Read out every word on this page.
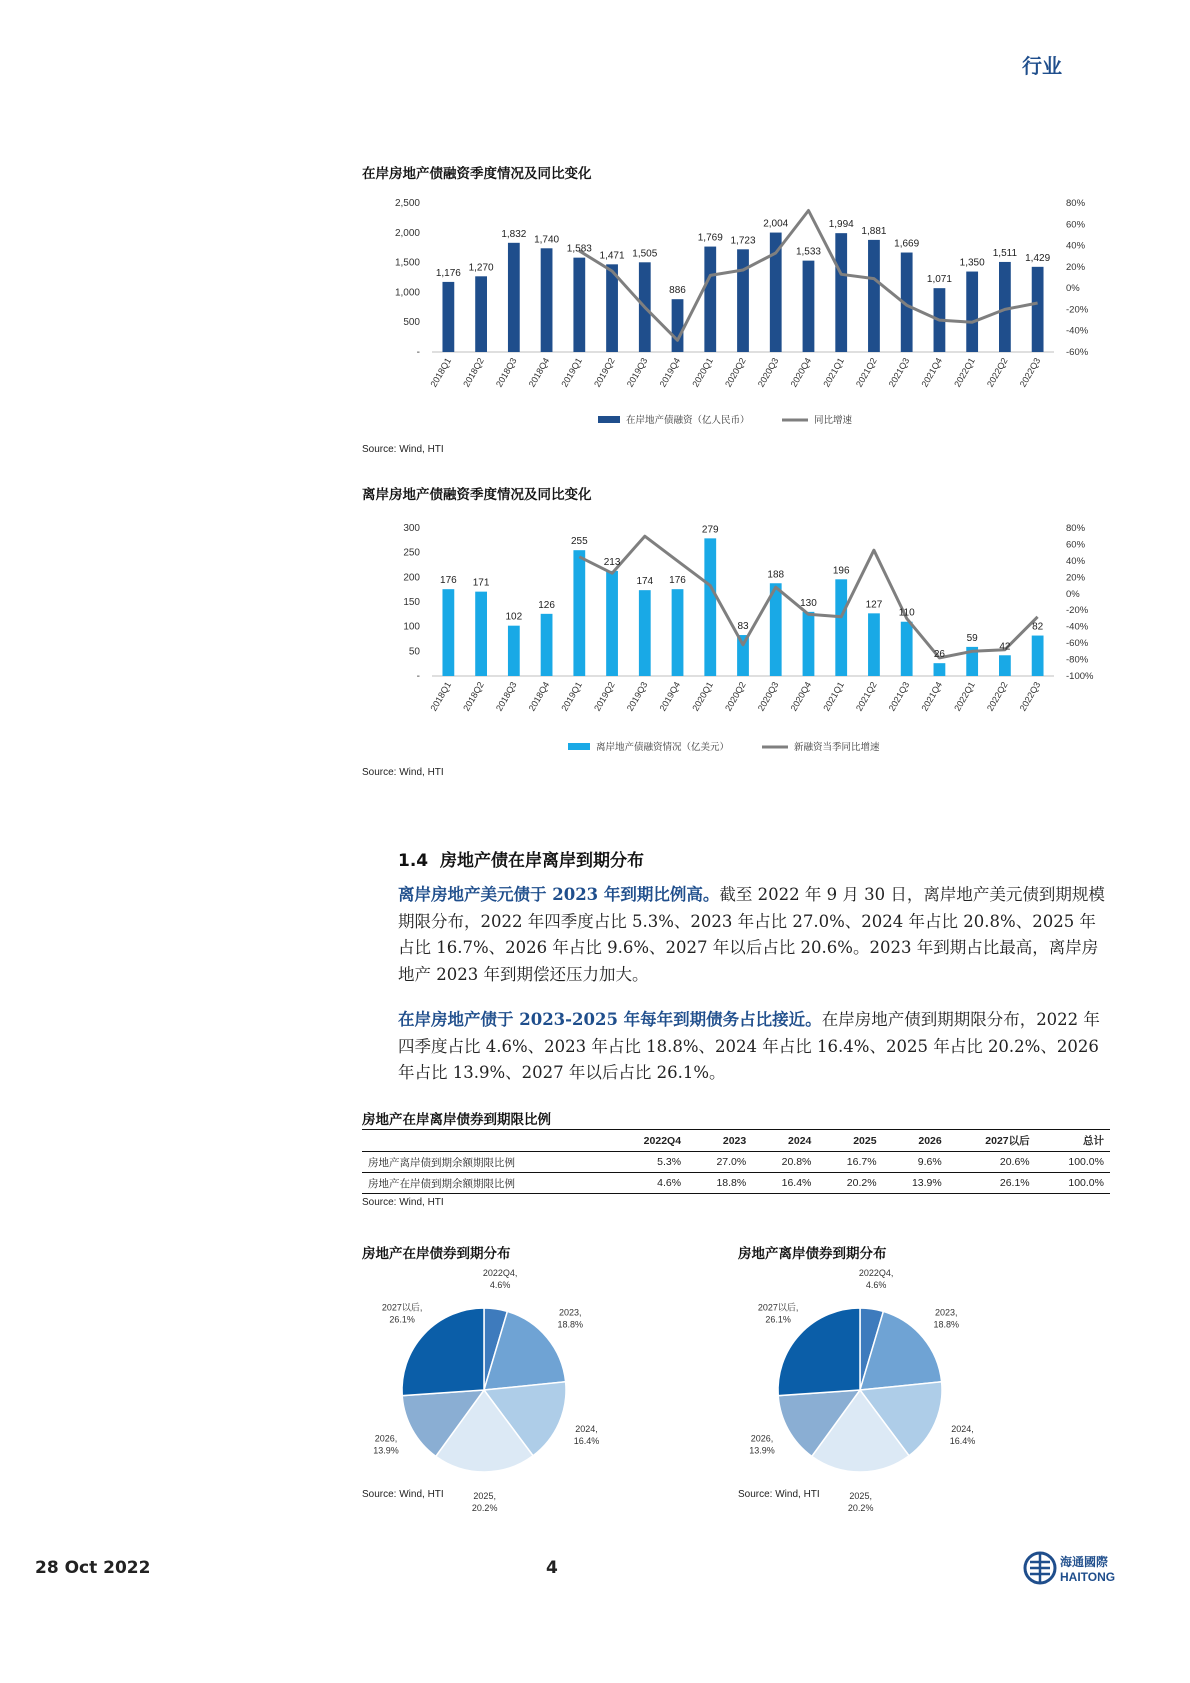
行业
在岸房地产债融资季度情况及同比变化
-
500
1,000
1,500
2,000
2,500
-60%
-40%
-20%
0%
20%
40%
60%
80%
1,176
1,270
1,832 1,740
1,583
1,471 1,505
886
1,769 1,723
2,004
1,533
1,994
1,881
1,669
1,071
1,350
1,511 1,429
2018Q1 2018Q2 2018Q3 2018Q4 2019Q1 2019Q2 2019Q3 2019Q4 2020Q1 2020Q2 2020Q3 2020Q4 2021Q1 2021Q2 2021Q3 2021Q4 2022Q1 2022Q2 2022Q3
在岸地产债融资（亿人民币）	同比增速
Source: Wind, HTI
离岸房地产债融资季度情况及同比变化
-
50
100
150
200
250
300
-100%
-80%
-60%
-40%
-20%
0%
20%
40%
60%
80%
176 171
102
126
255
213
174 176
279
83
188
130
196
127
110
26
59
42
82
2018Q1 2018Q2 2018Q3 2018Q4 2019Q1 2019Q2 2019Q3 2019Q4 2020Q1 2020Q2 2020Q3 2020Q4 2021Q1 2021Q2 2021Q3 2021Q4 2022Q1 2022Q2 2022Q3
离岸地产债融资情况（亿美元）	新融资当季同比增速
Source: Wind, HTI
1.4 房地产债在岸离岸到期分布
离岸房地产美元债于 2023 年到期比例高。截至 2022 年 9 月 30 日，离岸地产美元债到期规模期限分布，2022 年四季度占比 5.3%、2023 年占比 27.0%、2024 年占比 20.8%、2025 年占比 16.7%、2026 年占比 9.6%、2027 年以后占比 20.6%。2023 年到期占比最高，离岸房地产 2023 年到期偿还压力加大。
在岸房地产债于 2023-2025 年每年到期债务占比接近。在岸房地产债到期期限分布，2022 年四季度占比 4.6%、2023 年占比 18.8%、2024 年占比 16.4%、2025 年占比 20.2%、2026 年占比 13.9%、2027 年以后占比 26.1%。
房地产在岸离岸债券到期限比例
	2022Q4	2023	2024	2025	2026	2027以后	总计
房地产离岸债到期余额期限比例	5.3%	27.0%	20.8%	16.7%	9.6%	20.6%	100.0%
房地产在岸债到期余额期限比例	4.6%	18.8%	16.4%	20.2%	13.9%	26.1%	100.0%
Source: Wind, HTI
房地产在岸债券到期分布
2022Q4,
4.6%
2023,
18.8%
2024,
16.4%
2025,
20.2%
2026,
13.9%
2027以后,
26.1%
Source: Wind, HTI
房地产离岸债券到期分布
2022Q4,
4.6%
2023,
18.8%
2024,
16.4%
2025,
20.2%
2026,
13.9%
2027以后,
26.1%
Source: Wind, HTI
28 Oct 2022	4	海通國際
HAITONG
